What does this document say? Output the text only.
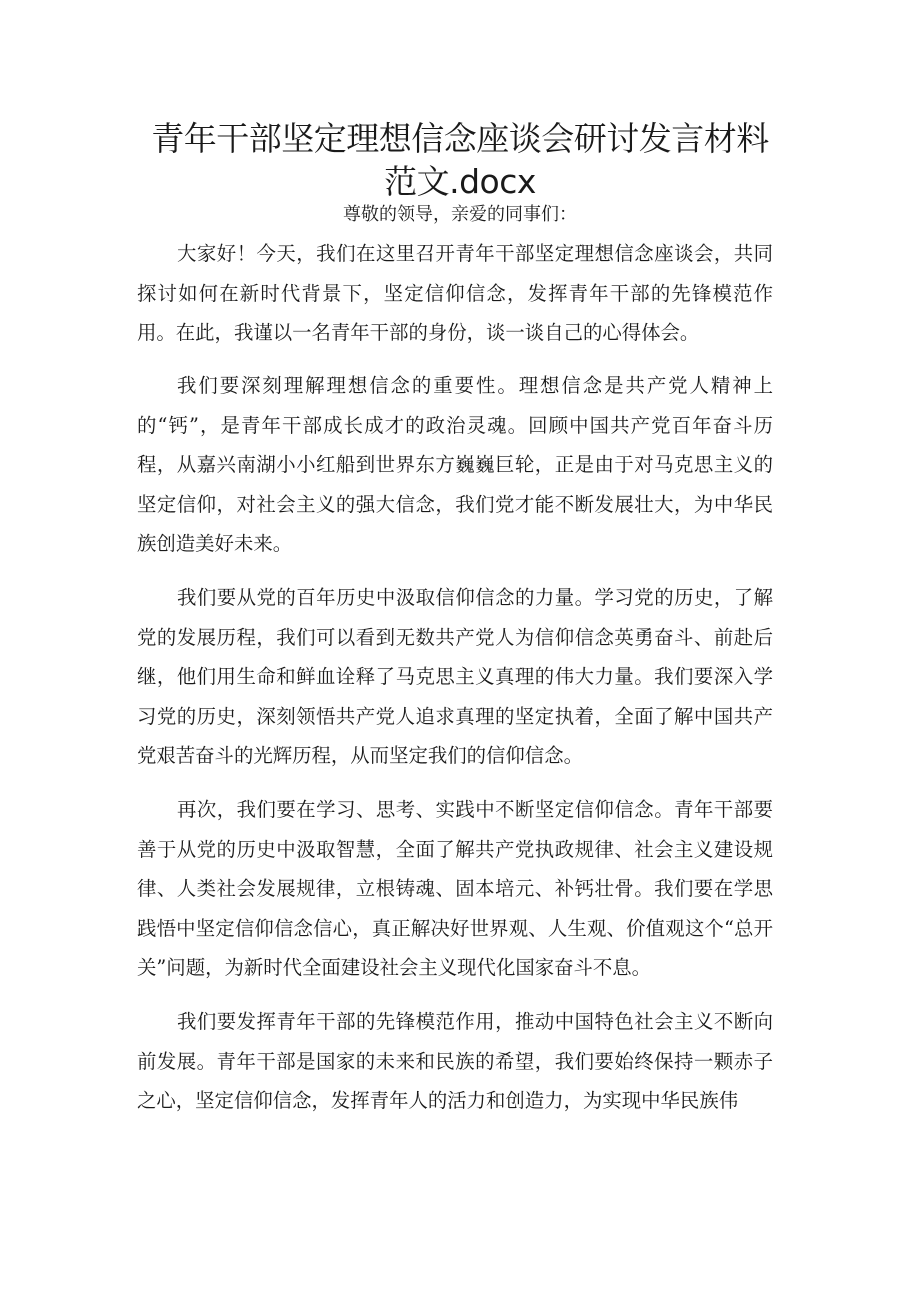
青年干部坚定理想信念座谈会研讨发言材料
范文.docx

尊敬的领导，亲爱的同事们：

大家好！今天，我们在这里召开青年干部坚定理想信念座谈会，共同探讨如何在新时代背景下，坚定信仰信念，发挥青年干部的先锋模范作用。在此，我谨以一名青年干部的身份，谈一谈自己的心得体会。

我们要深刻理解理想信念的重要性。理想信念是共产党人精神上的“钙”，是青年干部成长成才的政治灵魂。回顾中国共产党百年奋斗历程，从嘉兴南湖小小红船到世界东方巍巍巨轮，正是由于对马克思主义的坚定信仰，对社会主义的强大信念，我们党才能不断发展壮大，为中华民族创造美好未来。

我们要从党的百年历史中汲取信仰信念的力量。学习党的历史，了解党的发展历程，我们可以看到无数共产党人为信仰信念英勇奋斗、前赴后继，他们用生命和鲜血诠释了马克思主义真理的伟大力量。我们要深入学习党的历史，深刻领悟共产党人追求真理的坚定执着，全面了解中国共产党艰苦奋斗的光辉历程，从而坚定我们的信仰信念。

再次，我们要在学习、思考、实践中不断坚定信仰信念。青年干部要善于从党的历史中汲取智慧，全面了解共产党执政规律、社会主义建设规律、人类社会发展规律，立根铸魂、固本培元、补钙壮骨。我们要在学思践悟中坚定信仰信念信心，真正解决好世界观、人生观、价值观这个“总开关”问题，为新时代全面建设社会主义现代化国家奋斗不息。

我们要发挥青年干部的先锋模范作用，推动中国特色社会主义不断向前发展。青年干部是国家的未来和民族的希望，我们要始终保持一颗赤子之心，坚定信仰信念，发挥青年人的活力和创造力，为实现中华民族伟
